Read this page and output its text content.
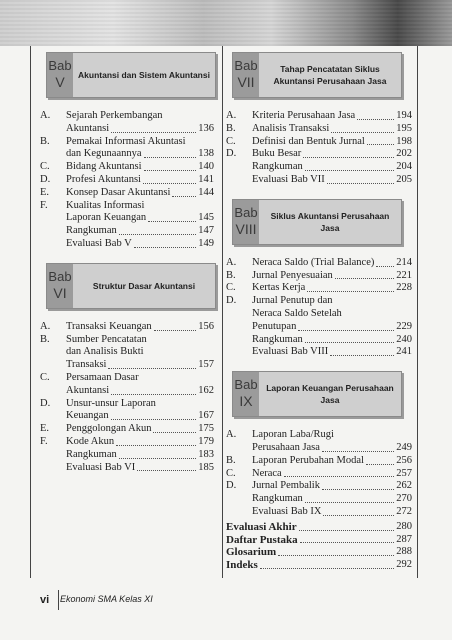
Bab
V	Akuntansi dan Sistem Akuntansi
A.	Sejarah Perkembangan
Akuntansi	136
B.	Pemakai Informasi Akuntasi
dan Kegunaannya	138
C.	Bidang Akuntansi	140
D.	Profesi Akuntansi	141
E.	Konsep Dasar Akuntansi	144
F.	Kualitas Informasi
Laporan Keuangan	145
Rangkuman	147
Evaluasi Bab V	149
Bab
VI	Struktur Dasar Akuntansi
A.	Transaksi Keuangan	156
B.	Sumber Pencatatan
dan Analisis Bukti
Transaksi	157
C.	Persamaan Dasar
Akuntansi	162
D.	Unsur-unsur Laporan
Keuangan	167
E.	Penggolongan Akun	175
F.	Kode Akun	179
Rangkuman	183
Evaluasi Bab VI	185
Bab
VII
Tahap Pencatatan Siklus Akuntansi Perusahaan Jasa
A.	Kriteria Perusahaan Jasa	194
B.	Analisis Transaksi	195
C.	Definisi dan Bentuk Jurnal	198
D.	Buku Besar	202
Rangkuman	204
Evaluasi Bab VII	205
Bab
VIII
Siklus Akuntansi Perusahaan Jasa
A.	Neraca Saldo (Trial Balance) 214
B.	Jurnal Penyesuaian	221
C.	Kertas Kerja	228
D.	Jurnal Penutup dan
Neraca Saldo Setelah
Penutupan	229
Rangkuman	240
Evaluasi Bab VIII	241
Bab
IX
Laporan Keuangan Perusahaan Jasa
A.	Laporan Laba/Rugi
Perusahaan Jasa	249
B.	Laporan Perubahan Modal	256
C.	Neraca	257
D.	Jurnal Pembalik	262
Rangkuman	270
Evaluasi Bab IX	272
Evaluasi Akhir	280
Daftar Pustaka	287
Glosarium	288
Indeks	292
vi Ekonomi SMA Kelas XI
